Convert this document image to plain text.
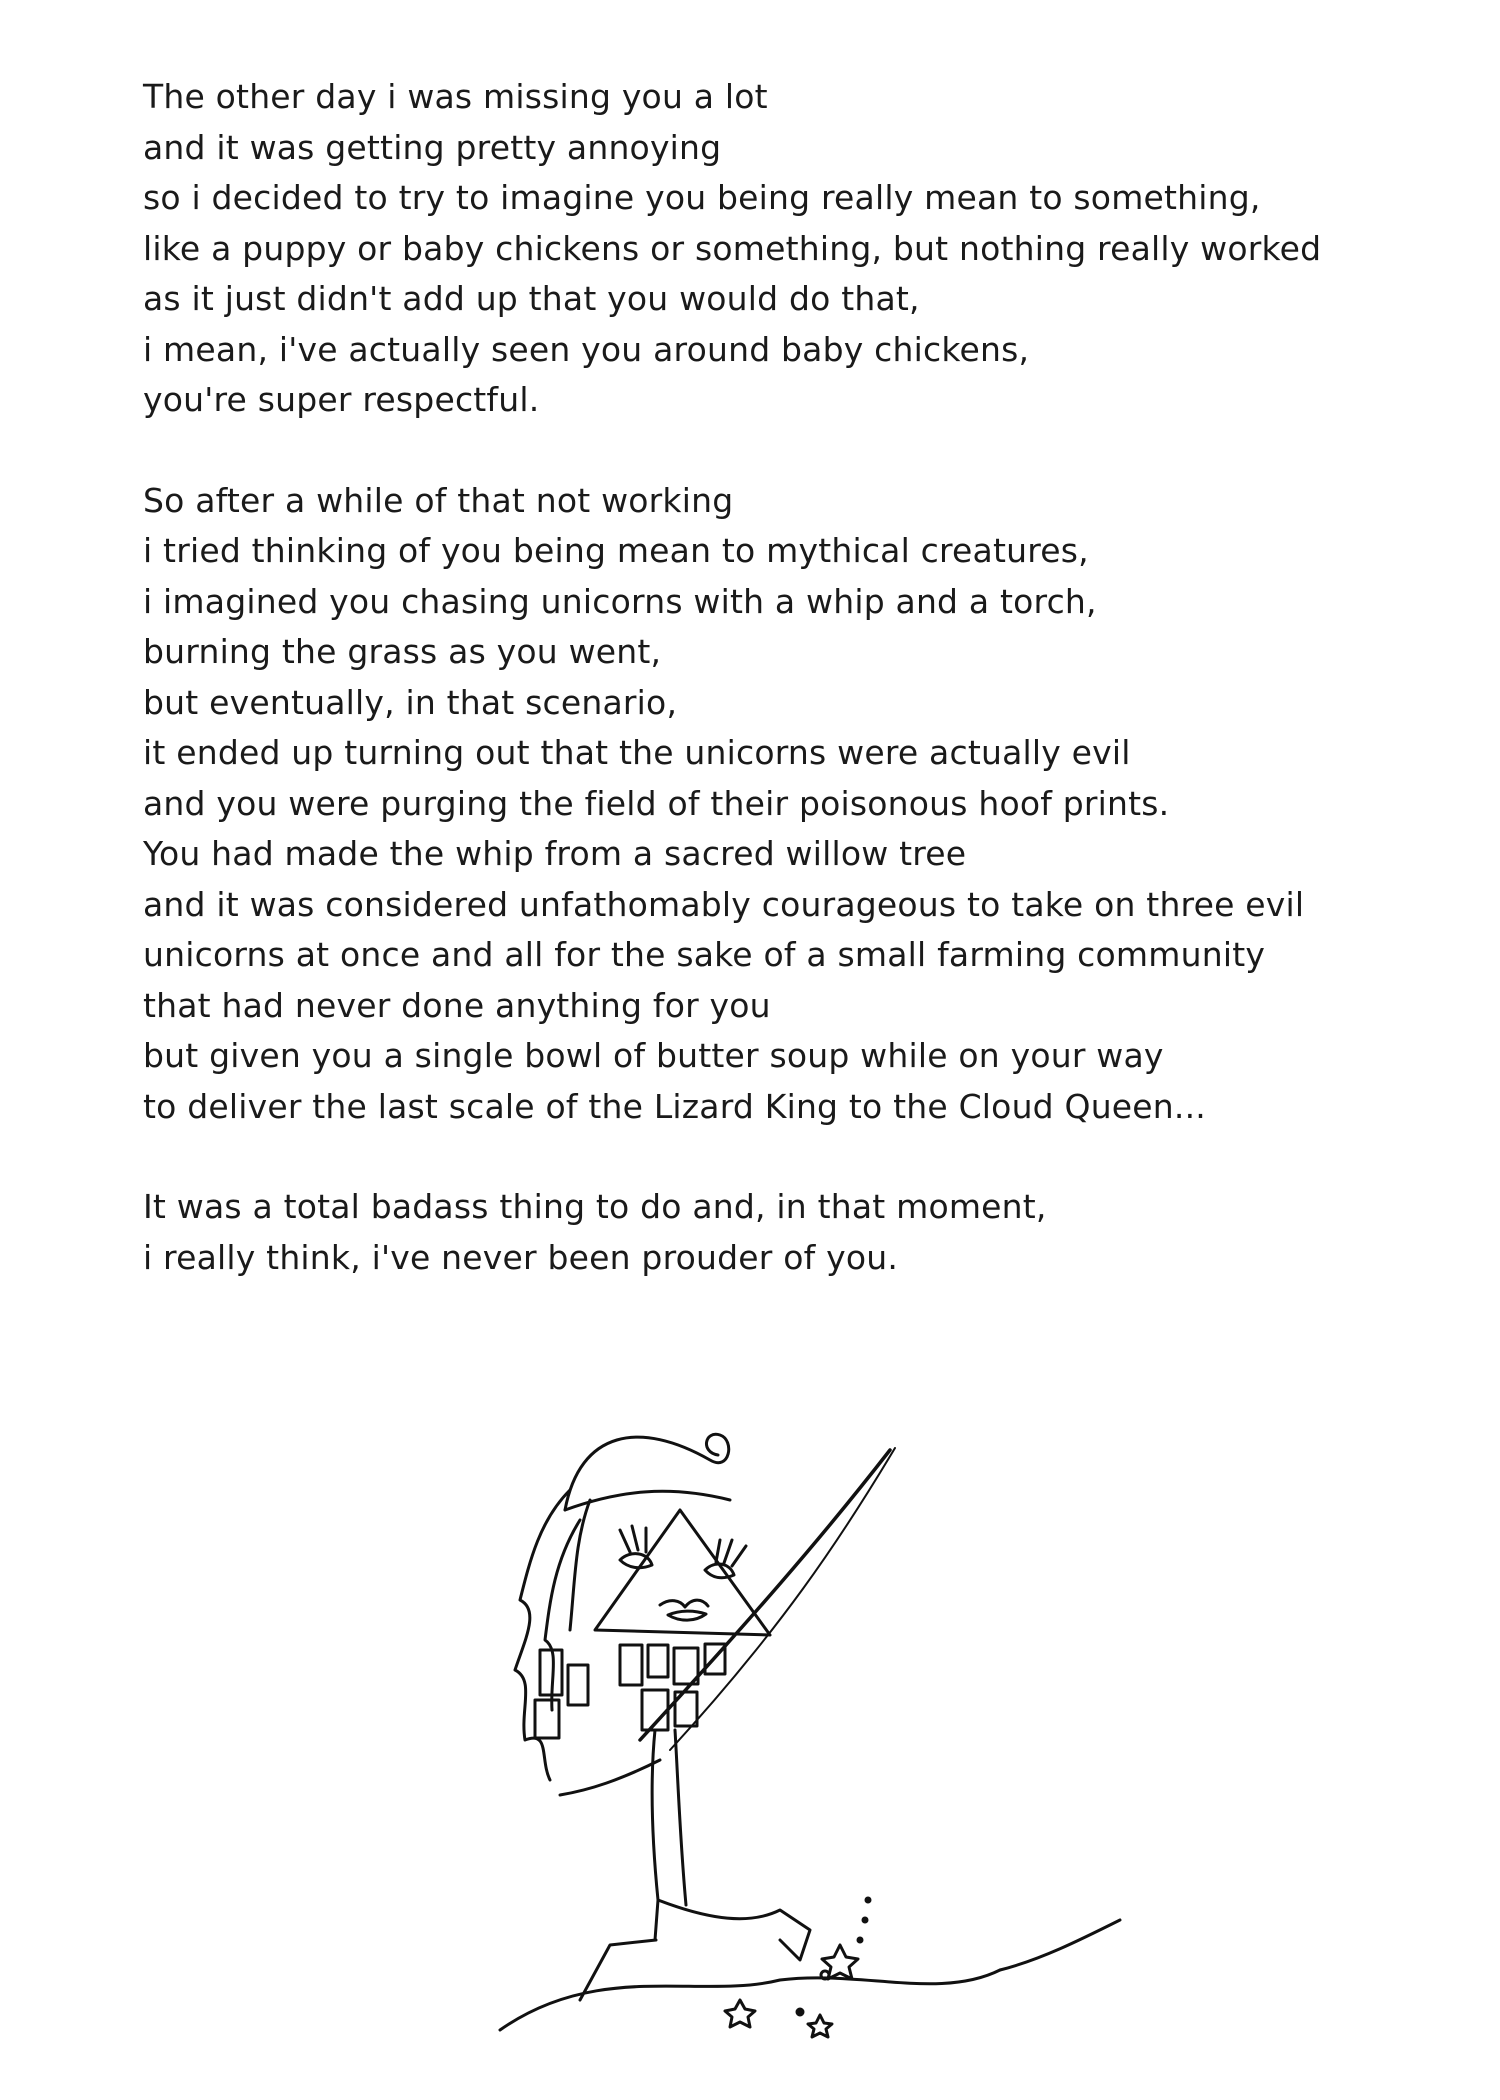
The other day i was missing you a lot
and it was getting pretty annoying
so i decided to try to imagine you being really mean to something,
like a puppy or baby chickens or something, but nothing really worked
as it just didn't add up that you would do that,
i mean, i've actually seen you around baby chickens,
you're super respectful.
So after a while of that not working
i tried thinking of you being mean to mythical creatures,
i imagined you chasing unicorns with a whip and a torch,
burning the grass as you went,
but eventually, in that scenario,
it ended up turning out that the unicorns were actually evil
and you were purging the field of their poisonous hoof prints.
You had made the whip from a sacred willow tree
and it was considered unfathomably courageous to take on three evil
unicorns at once and all for the sake of a small farming community
that had never done anything for you
but given you a single bowl of butter soup while on your way
to deliver the last scale of the Lizard King to the Cloud Queen...
It was a total badass thing to do and, in that moment,
i really think, i've never been prouder of you.
